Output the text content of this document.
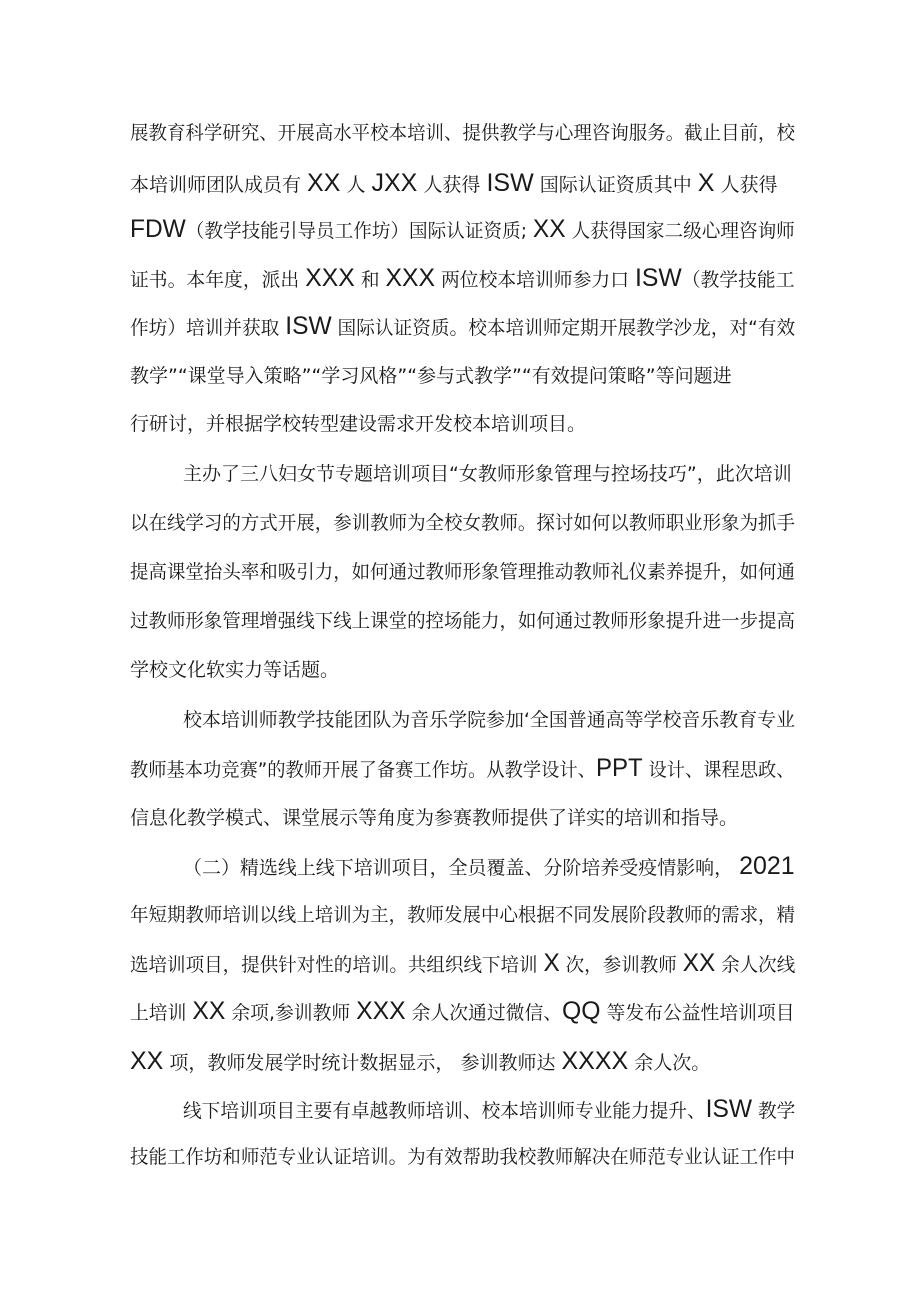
展教育科学研究、开展高水平校本培训、提供教学与心理咨询服务。截止目前，校
本培训师团队成员有 XX 人 JXX 人获得 ISW 国际认证资质其中 X 人获得
FDW（教学技能引导员工作坊）国际认证资质; XX 人获得国家二级心理咨询师
证书。本年度，派出 XXX 和 XXX 两位校本培训师参力口 ISW（教学技能工
作坊）培训并获取 ISW 国际认证资质。校本培训师定期开展教学沙龙，对“有效
教学”“课堂导入策略”“学习风格”“参与式教学”“有效提问策略”等问题进
行研讨，并根据学校转型建设需求开发校本培训项目。
主办了三八妇女节专题培训项目“女教师形象管理与控场技巧”，此次培训
以在线学习的方式开展，参训教师为全校女教师。探讨如何以教师职业形象为抓手
提高课堂抬头率和吸引力，如何通过教师形象管理推动教师礼仪素养提升，如何通
过教师形象管理增强线下线上课堂的控场能力，如何通过教师形象提升进一步提高
学校文化软实力等话题。
校本培训师教学技能团队为音乐学院参加‘全国普通高等学校音乐教育专业
教师基本功竞赛”的教师开展了备赛工作坊。从教学设计、PPT 设计、课程思政、
信息化教学模式、课堂展示等角度为参赛教师提供了详实的培训和指导。
（二）精选线上线下培训项目，全员覆盖、分阶培养受疫情影响， 2021
年短期教师培训以线上培训为主，教师发展中心根据不同发展阶段教师的需求，精
选培训项目，提供针对性的培训。共组织线下培训 X 次，参训教师 XX 余人次线
上培训 XX 余项,参训教师 XXX 余人次通过微信、QQ 等发布公益性培训项目
XX 项，教师发展学时统计数据显示， 参训教师达 XXXX 余人次。
线下培训项目主要有卓越教师培训、校本培训师专业能力提升、ISW 教学
技能工作坊和师范专业认证培训。为有效帮助我校教师解决在师范专业认证工作中
